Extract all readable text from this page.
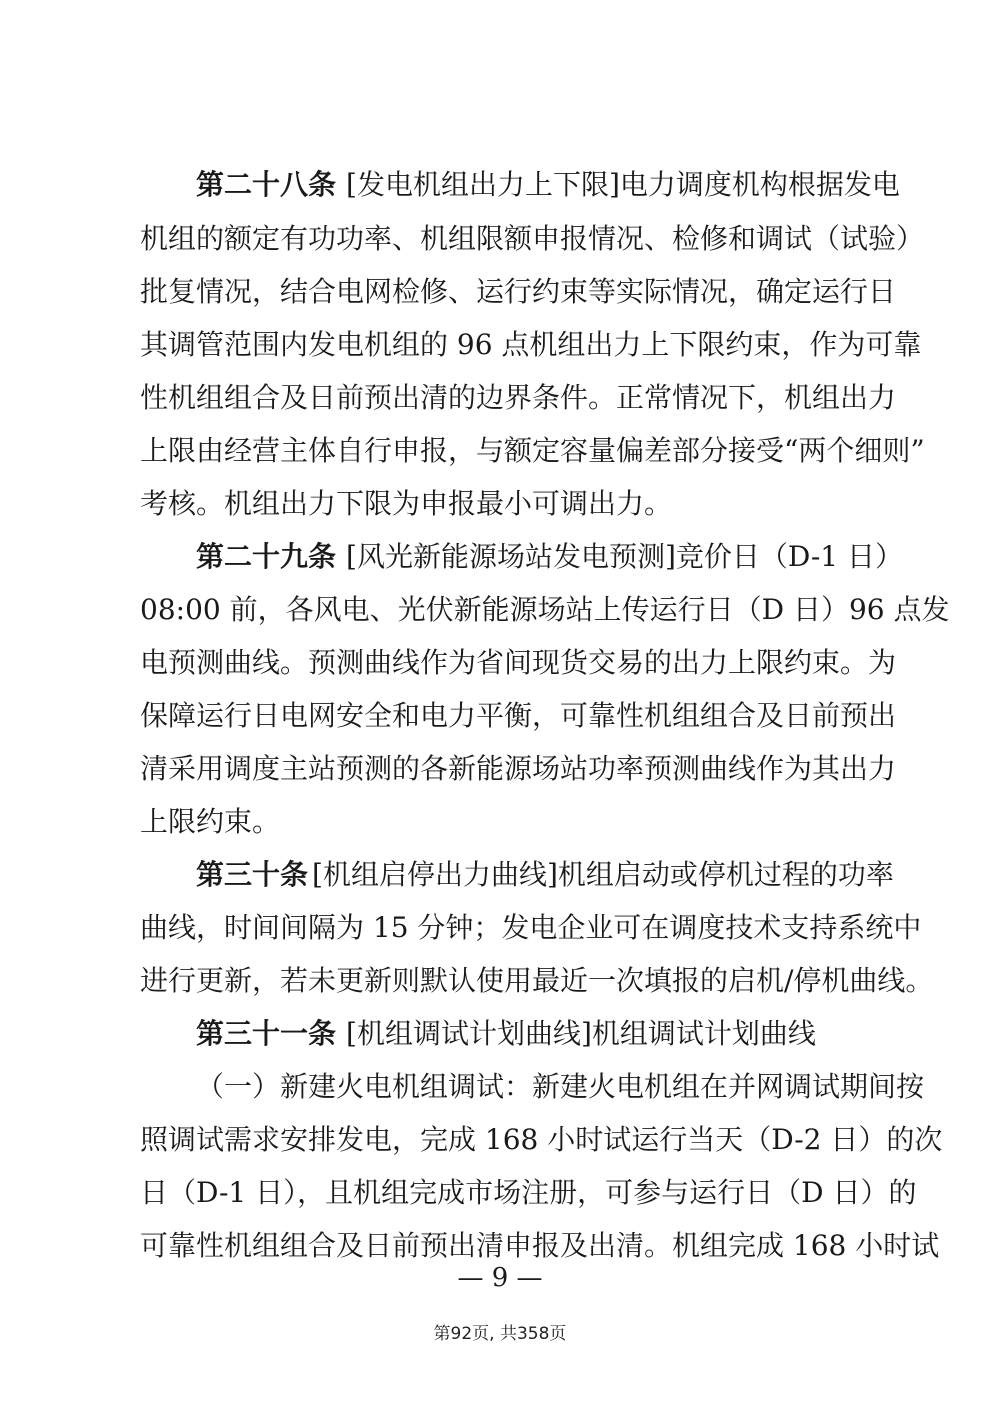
第二十八条 [发电机组出力上下限]电力调度机构根据发电
机组的额定有功功率、机组限额申报情况、检修和调试（试验）
批复情况，结合电网检修、运行约束等实际情况，确定运行日
其调管范围内发电机组的 96 点机组出力上下限约束，作为可靠
性机组组合及日前预出清的边界条件。正常情况下，机组出力
上限由经营主体自行申报，与额定容量偏差部分接受“两个细则”
考核。机组出力下限为申报最小可调出力。
第二十九条 [风光新能源场站发电预测]竞价日（D-1 日）
08:00 前，各风电、光伏新能源场站上传运行日（D 日）96 点发
电预测曲线。预测曲线作为省间现货交易的出力上限约束。为
保障运行日电网安全和电力平衡，可靠性机组组合及日前预出
清采用调度主站预测的各新能源场站功率预测曲线作为其出力
上限约束。
第三十条 [机组启停出力曲线]机组启动或停机过程的功率
曲线，时间间隔为 15 分钟；发电企业可在调度技术支持系统中
进行更新，若未更新则默认使用最近一次填报的启机/停机曲线。
第三十一条 [机组调试计划曲线]机组调试计划曲线
（一）新建火电机组调试：新建火电机组在并网调试期间按
照调试需求安排发电，完成 168 小时试运行当天（D-2 日）的次
日（D-1 日），且机组完成市场注册，可参与运行日（D 日）的
可靠性机组组合及日前预出清申报及出清。机组完成 168 小时试
— 9 —
第92页, 共358页
